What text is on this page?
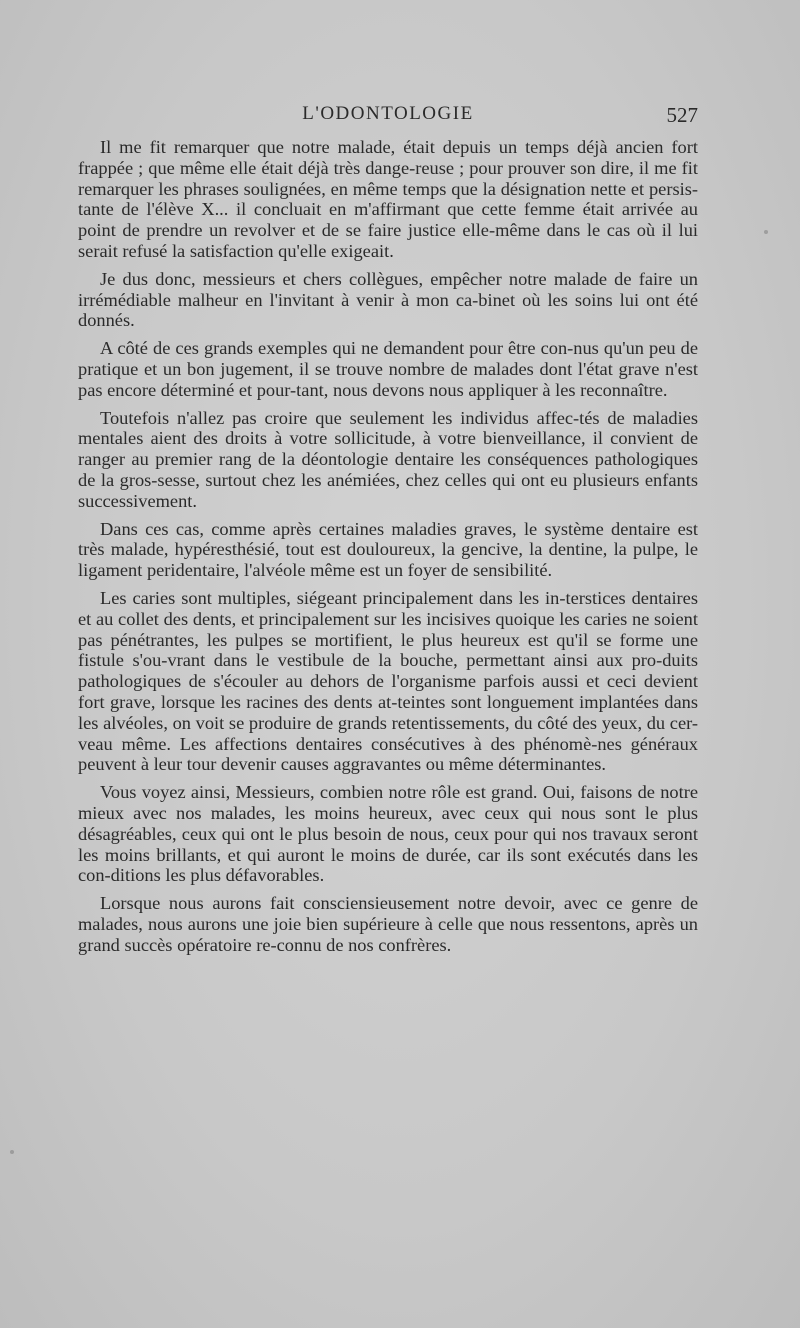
L'ODONTOLOGIE	527

Il me fit remarquer que notre malade, était depuis un temps déjà ancien fort frappée ; que même elle était déjà très dange-reuse ; pour prouver son dire, il me fit remarquer les phrases soulignées, en même temps que la désignation nette et persis-tante de l'élève X... il concluait en m'affirmant que cette femme était arrivée au point de prendre un revolver et de se faire justice elle-même dans le cas où il lui serait refusé la satisfaction qu'elle exigeait.

Je dus donc, messieurs et chers collègues, empêcher notre malade de faire un irrémédiable malheur en l'invitant à venir à mon ca-binet où les soins lui ont été donnés.

A côté de ces grands exemples qui ne demandent pour être con-nus qu'un peu de pratique et un bon jugement, il se trouve nombre de malades dont l'état grave n'est pas encore déterminé et pour-tant, nous devons nous appliquer à les reconnaître.

Toutefois n'allez pas croire que seulement les individus affec-tés de maladies mentales aient des droits à votre sollicitude, à votre bienveillance, il convient de ranger au premier rang de la déontologie dentaire les conséquences pathologiques de la gros-sesse, surtout chez les anémiées, chez celles qui ont eu plusieurs enfants successivement.

Dans ces cas, comme après certaines maladies graves, le système dentaire est très malade, hypéresthésié, tout est douloureux, la gencive, la dentine, la pulpe, le ligament peridentaire, l'alvéole même est un foyer de sensibilité.

Les caries sont multiples, siégeant principalement dans les in-terstices dentaires et au collet des dents, et principalement sur les incisives quoique les caries ne soient pas pénétrantes, les pulpes se mortifient, le plus heureux est qu'il se forme une fistule s'ou-vrant dans le vestibule de la bouche, permettant ainsi aux pro-duits pathologiques de s'écouler au dehors de l'organisme parfois aussi et ceci devient fort grave, lorsque les racines des dents at-teintes sont longuement implantées dans les alvéoles, on voit se produire de grands retentissements, du côté des yeux, du cer-veau même. Les affections dentaires consécutives à des phénomè-nes généraux peuvent à leur tour devenir causes aggravantes ou même déterminantes.

Vous voyez ainsi, Messieurs, combien notre rôle est grand. Oui, faisons de notre mieux avec nos malades, les moins heureux, avec ceux qui nous sont le plus désagréables, ceux qui ont le plus besoin de nous, ceux pour qui nos travaux seront les moins brillants, et qui auront le moins de durée, car ils sont exécutés dans les con-ditions les plus défavorables.

Lorsque nous aurons fait consciensieusement notre devoir, avec ce genre de malades, nous aurons une joie bien supérieure à celle que nous ressentons, après un grand succès opératoire re-connu de nos confrères.
